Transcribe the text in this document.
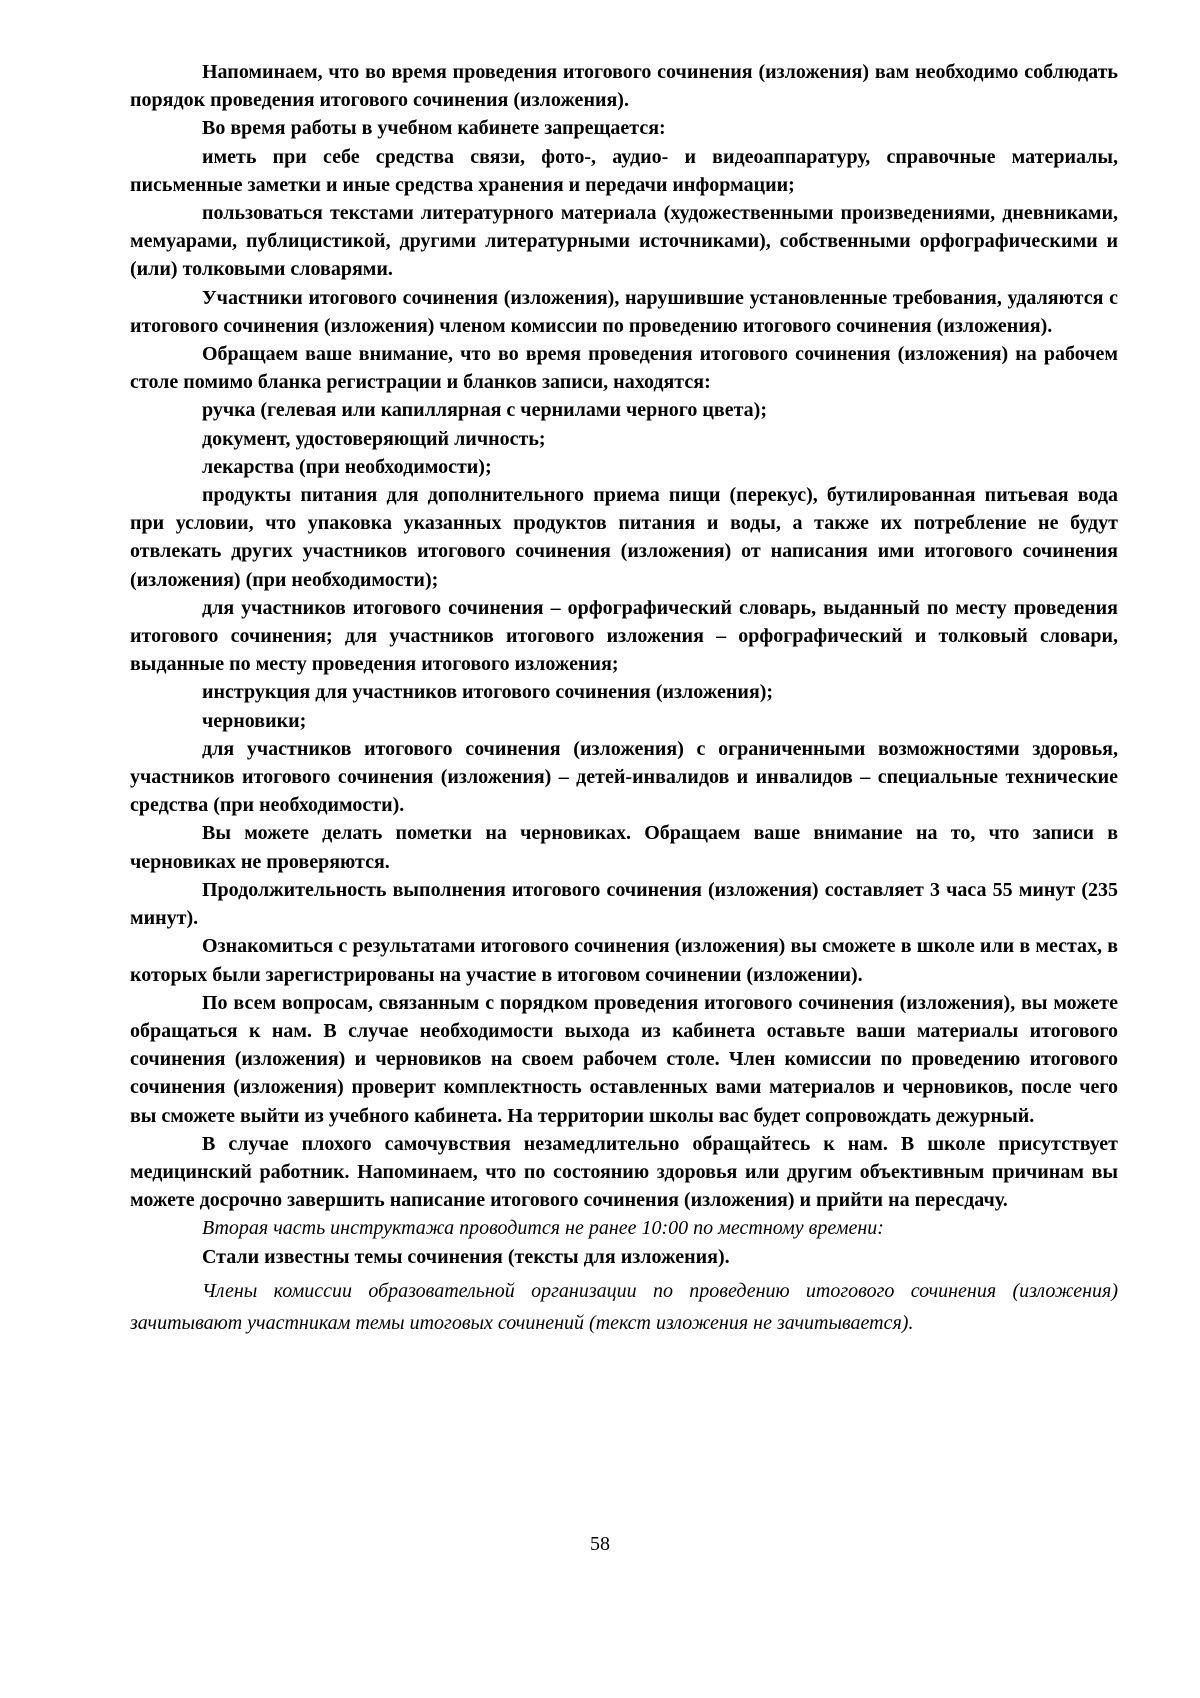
Напоминаем, что во время проведения итогового сочинения (изложения) вам необходимо соблюдать порядок проведения итогового сочинения (изложения).

Во время работы в учебном кабинете запрещается:

иметь при себе средства связи, фото-, аудио- и видеоаппаратуру, справочные материалы, письменные заметки и иные средства хранения и передачи информации;

пользоваться текстами литературного материала (художественными произведениями, дневниками, мемуарами, публицистикой, другими литературными источниками), собственными орфографическими и (или) толковыми словарями.

Участники итогового сочинения (изложения), нарушившие установленные требования, удаляются с итогового сочинения (изложения) членом комиссии по проведению итогового сочинения (изложения).

Обращаем ваше внимание, что во время проведения итогового сочинения (изложения) на рабочем столе помимо бланка регистрации и бланков записи, находятся:

ручка (гелевая или капиллярная с чернилами черного цвета);

документ, удостоверяющий личность;

лекарства (при необходимости);

продукты питания для дополнительного приема пищи (перекус), бутилированная питьевая вода при условии, что упаковка указанных продуктов питания и воды, а также их потребление не будут отвлекать других участников итогового сочинения (изложения) от написания ими итогового сочинения (изложения) (при необходимости);

для участников итогового сочинения – орфографический словарь, выданный по месту проведения итогового сочинения; для участников итогового изложения – орфографический и толковый словари, выданные по месту проведения итогового изложения;

инструкция для участников итогового сочинения (изложения);

черновики;

для участников итогового сочинения (изложения) с ограниченными возможностями здоровья, участников итогового сочинения (изложения) – детей-инвалидов и инвалидов – специальные технические средства (при необходимости).

Вы можете делать пометки на черновиках. Обращаем ваше внимание на то, что записи в черновиках не проверяются.

Продолжительность выполнения итогового сочинения (изложения) составляет 3 часа 55 минут (235 минут).

Ознакомиться с результатами итогового сочинения (изложения) вы сможете в школе или в местах, в которых были зарегистрированы на участие в итоговом сочинении (изложении).

По всем вопросам, связанным с порядком проведения итогового сочинения (изложения), вы можете обращаться к нам. В случае необходимости выхода из кабинета оставьте ваши материалы итогового сочинения (изложения) и черновиков на своем рабочем столе. Член комиссии по проведению итогового сочинения (изложения) проверит комплектность оставленных вами материалов и черновиков, после чего вы сможете выйти из учебного кабинета. На территории школы вас будет сопровождать дежурный.

В случае плохого самочувствия незамедлительно обращайтесь к нам. В школе присутствует медицинский работник. Напоминаем, что по состоянию здоровья или другим объективным причинам вы можете досрочно завершить написание итогового сочинения (изложения) и прийти на пересдачу.

Вторая часть инструктажа проводится не ранее 10:00 по местному времени:

Стали известны темы сочинения (тексты для изложения).

Члены комиссии образовательной организации по проведению итогового сочинения (изложения) зачитывают участникам темы итоговых сочинений (текст изложения не зачитывается).

58
